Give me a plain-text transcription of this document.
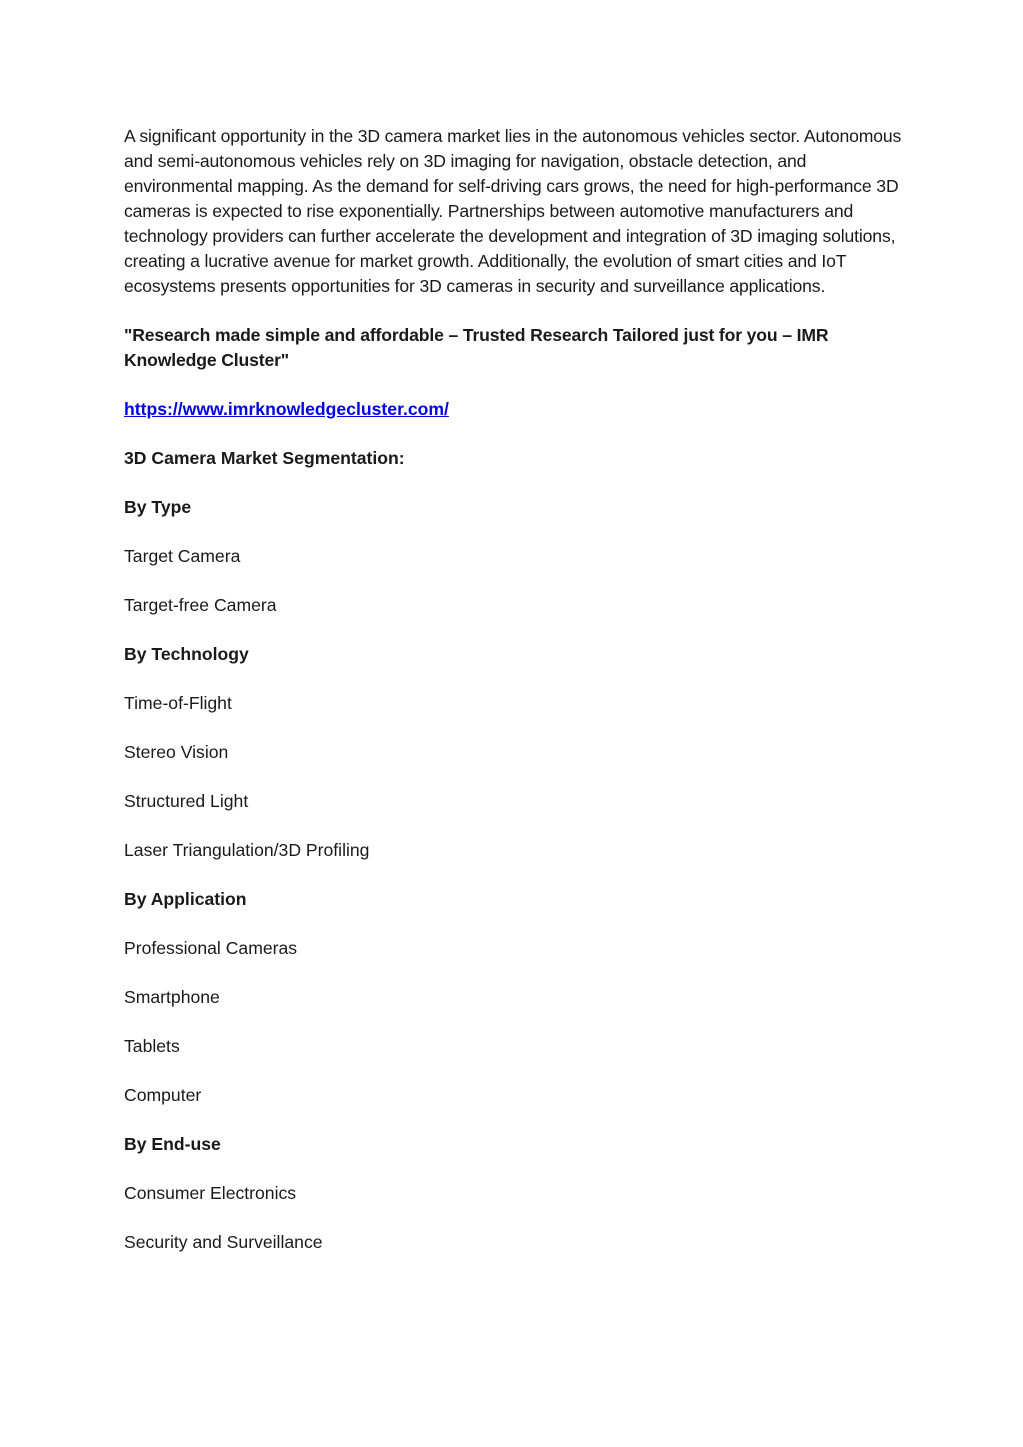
A significant opportunity in the 3D camera market lies in the autonomous vehicles sector. Autonomous and semi-autonomous vehicles rely on 3D imaging for navigation, obstacle detection, and environmental mapping. As the demand for self-driving cars grows, the need for high-performance 3D cameras is expected to rise exponentially. Partnerships between automotive manufacturers and technology providers can further accelerate the development and integration of 3D imaging solutions, creating a lucrative avenue for market growth. Additionally, the evolution of smart cities and IoT ecosystems presents opportunities for 3D cameras in security and surveillance applications.

"Research made simple and affordable – Trusted Research Tailored just for you – IMR Knowledge Cluster"

https://www.imrknowledgecluster.com/

3D Camera Market Segmentation:

By Type

Target Camera

Target-free Camera

By Technology

Time-of-Flight

Stereo Vision

Structured Light

Laser Triangulation/3D Profiling

By Application

Professional Cameras

Smartphone

Tablets

Computer

By End-use

Consumer Electronics

Security and Surveillance
